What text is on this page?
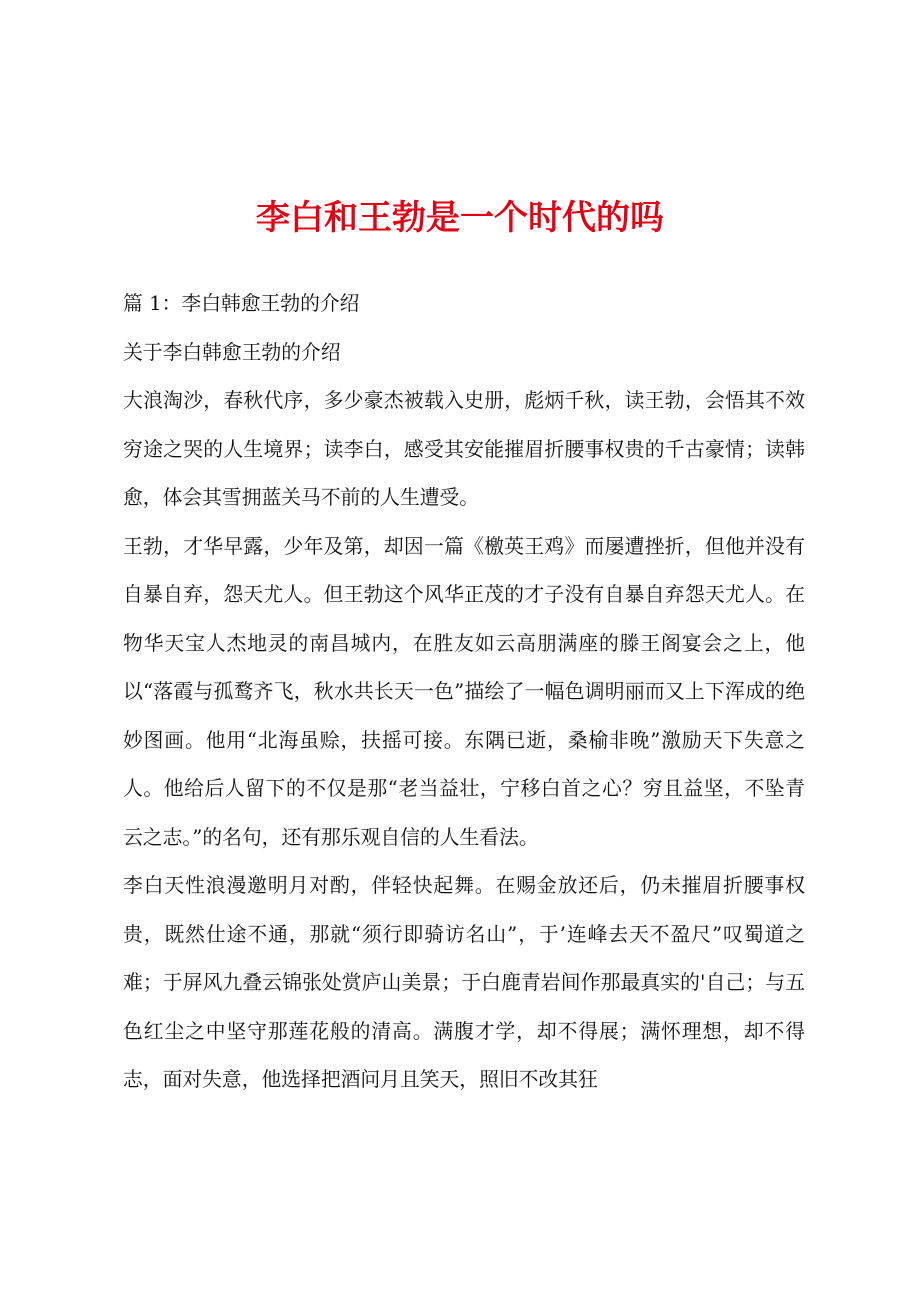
李白和王勃是一个时代的吗

篇 1：李白韩愈王勃的介绍

关于李白韩愈王勃的介绍

大浪淘沙，春秋代序，多少豪杰被载入史册，彪炳千秋，读王勃，会悟其不效穷途之哭的人生境界；读李白，感受其安能摧眉折腰事权贵的千古豪情；读韩愈，体会其雪拥蓝关马不前的人生遭受。

王勃，才华早露，少年及第，却因一篇《檄英王鸡》而屡遭挫折，但他并没有自暴自弃，怨天尤人。但王勃这个风华正茂的才子没有自暴自弃怨天尤人。在物华天宝人杰地灵的南昌城内，在胜友如云高朋满座的滕王阁宴会之上，他以“落霞与孤鹜齐飞，秋水共长天一色”描绘了一幅色调明丽而又上下浑成的绝妙图画。他用“北海虽赊，扶摇可接。东隅已逝，桑榆非晚”激励天下失意之人。他给后人留下的不仅是那“老当益壮，宁移白首之心？穷且益坚，不坠青云之志。”的名句，还有那乐观自信的人生看法。

李白天性浪漫邀明月对酌，伴轻快起舞。在赐金放还后，仍未摧眉折腰事权贵，既然仕途不通，那就“须行即骑访名山”，于’连峰去天不盈尺”叹蜀道之难；于屏风九叠云锦张处赏庐山美景；于白鹿青岩间作那最真实的'自己；与五色红尘之中坚守那莲花般的清高。满腹才学，却不得展；满怀理想，却不得志，面对失意，他选择把酒问月且笑天，照旧不改其狂
